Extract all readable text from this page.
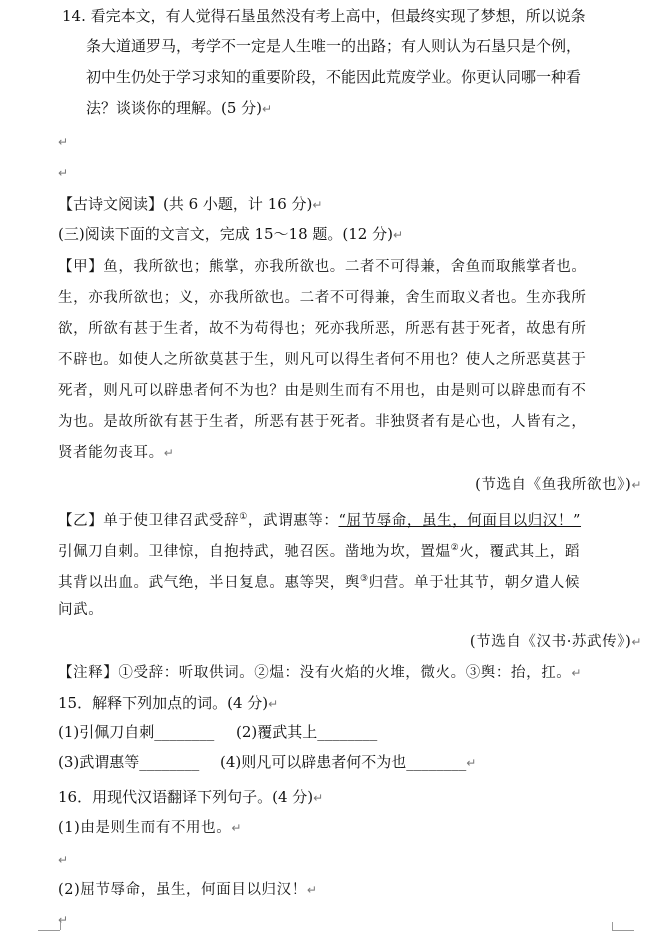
14. 看完本文，有人觉得石垦虽然没有考上高中，但最终实现了梦想，所以说条
条大道通罗马，考学不一定是人生唯一的出路；有人则认为石垦只是个例，
初中生仍处于学习求知的重要阶段，不能因此荒废学业。你更认同哪一种看
法？谈谈你的理解。(5 分)↵
↵
↵
【古诗文阅读】(共 6 小题，计 16 分)↵
(三)阅读下面的文言文，完成 15～18 题。(12 分)↵
【甲】鱼，我所欲也；熊掌，亦我所欲也。二者不可得兼，舍鱼而取熊掌者也。
生，亦我所欲也；义，亦我所欲也。二者不可得兼，舍生而取义者也。生亦我所
欲，所欲有甚于生者，故不为苟得也；死亦我所恶，所恶有甚于死者，故患有所
不辟也。如使人之所欲莫甚于生，则凡可以得生者何不用也？使人之所恶莫甚于
死者，则凡可以辟患者何不为也？由是则生而有不用也，由是则可以辟患而有不
为也。是故所欲有甚于生者，所恶有甚于死者。非独贤者有是心也，人皆有之，
贤者能勿丧耳。↵
(节选自《鱼我所欲也》)↵
【乙】单于使卫律召武受辞①，武谓惠等：“屈节辱命，虽生，何面目以归汉！”
引佩刀自刺。卫律惊，自抱持武，驰召医。凿地为坎，置煴②火，覆武其上，蹈
其背以出血。武气绝，半日复息。惠等哭，舆③归营。单于壮其节，朝夕遣人候
问武。
(节选自《汉书·苏武传》)↵
【注释】①受辞：听取供词。②煴：没有火焰的火堆，微火。③舆：抬，扛。↵
15．解释下列加点的词。(4 分)↵
(1)引佩刀自刺________ (2)覆武其上________
(3)武谓惠等________ (4)则凡可以辟患者何不为也________↵
16．用现代汉语翻译下列句子。(4 分)↵
(1)由是则生而有不用也。↵
↵
(2)屈节辱命，虽生，何面目以归汉！↵
↵
